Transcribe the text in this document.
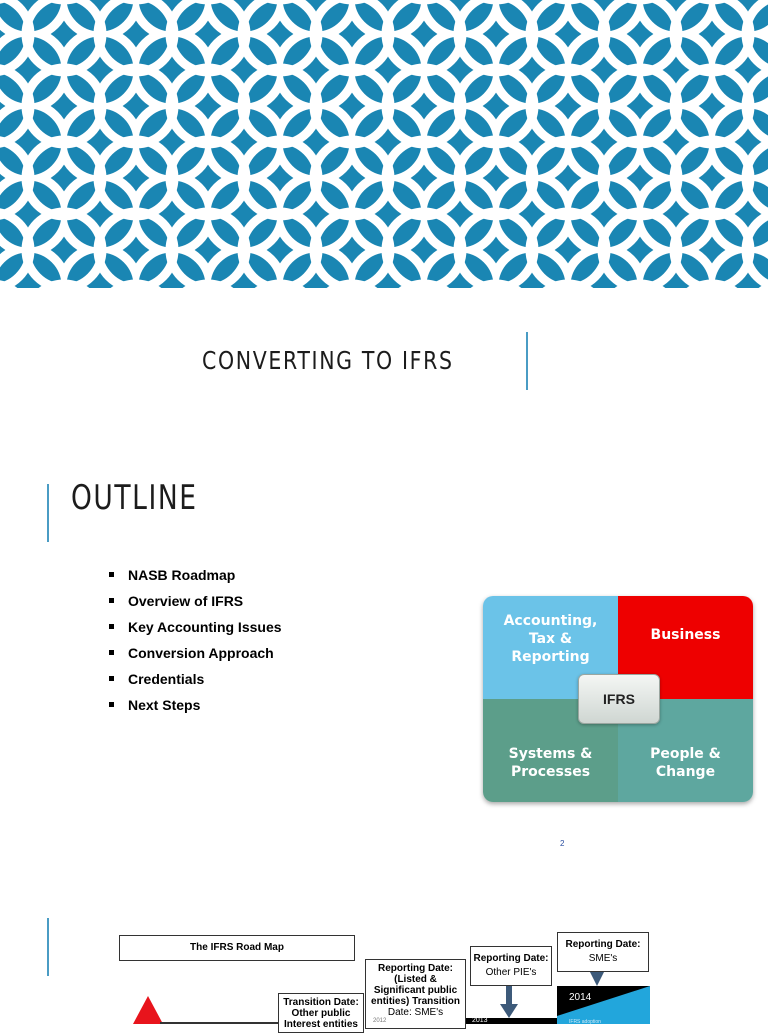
CONVERTING TO IFRS
OUTLINE
NASB Roadmap
Overview of IFRS
Key Accounting Issues
Conversion Approach
Credentials
Next Steps
Accounting,
Tax &
Reporting
Business
Systems &
Processes
People &
Change
IFRS
2
The IFRS Road Map
Transition Date:
Other public
Interest entities
Reporting Date:
(Listed &
Significant public
entities) Transition
Date: SME's
Reporting Date:
Other PIE's
Reporting Date:
SME's
2013
2014
IFRS adoption
2012
